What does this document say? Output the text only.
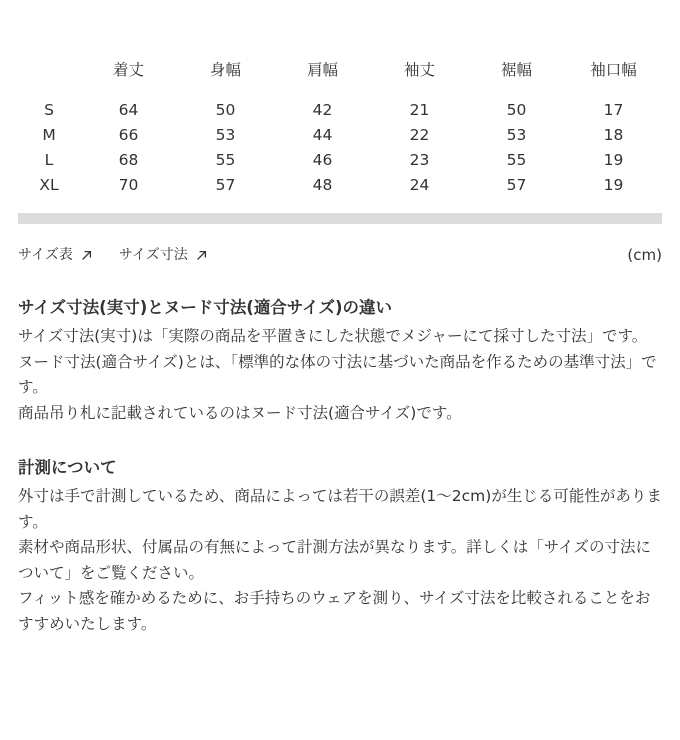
	着丈	身幅	肩幅	袖丈	裾幅	袖口幅
S	64	50	42	21	50	17
M	66	53	44	22	53	18
L	68	55	46	23	55	19
XL	70	57	48	24	57	19
サイズ表	サイズ寸法	(cm)
サイズ寸法(実寸)とヌード寸法(適合サイズ)の違い

サイズ寸法(実寸)は「実際の商品を平置きにした状態でメジャーにて採寸した寸法」です。

ヌード寸法(適合サイズ)とは、「標準的な体の寸法に基づいた商品を作るための基準寸法」です。

商品吊り札に記載されているのはヌード寸法(適合サイズ)です。

計測について

外寸は手で計測しているため、商品によっては若干の誤差(1〜2cm)が生じる可能性があります。

素材や商品形状、付属品の有無によって計測方法が異なります。詳しくは「サイズの寸法について」をご覧ください。

フィット感を確かめるために、お手持ちのウェアを測り、サイズ寸法を比較されることをおすすめいたします。
